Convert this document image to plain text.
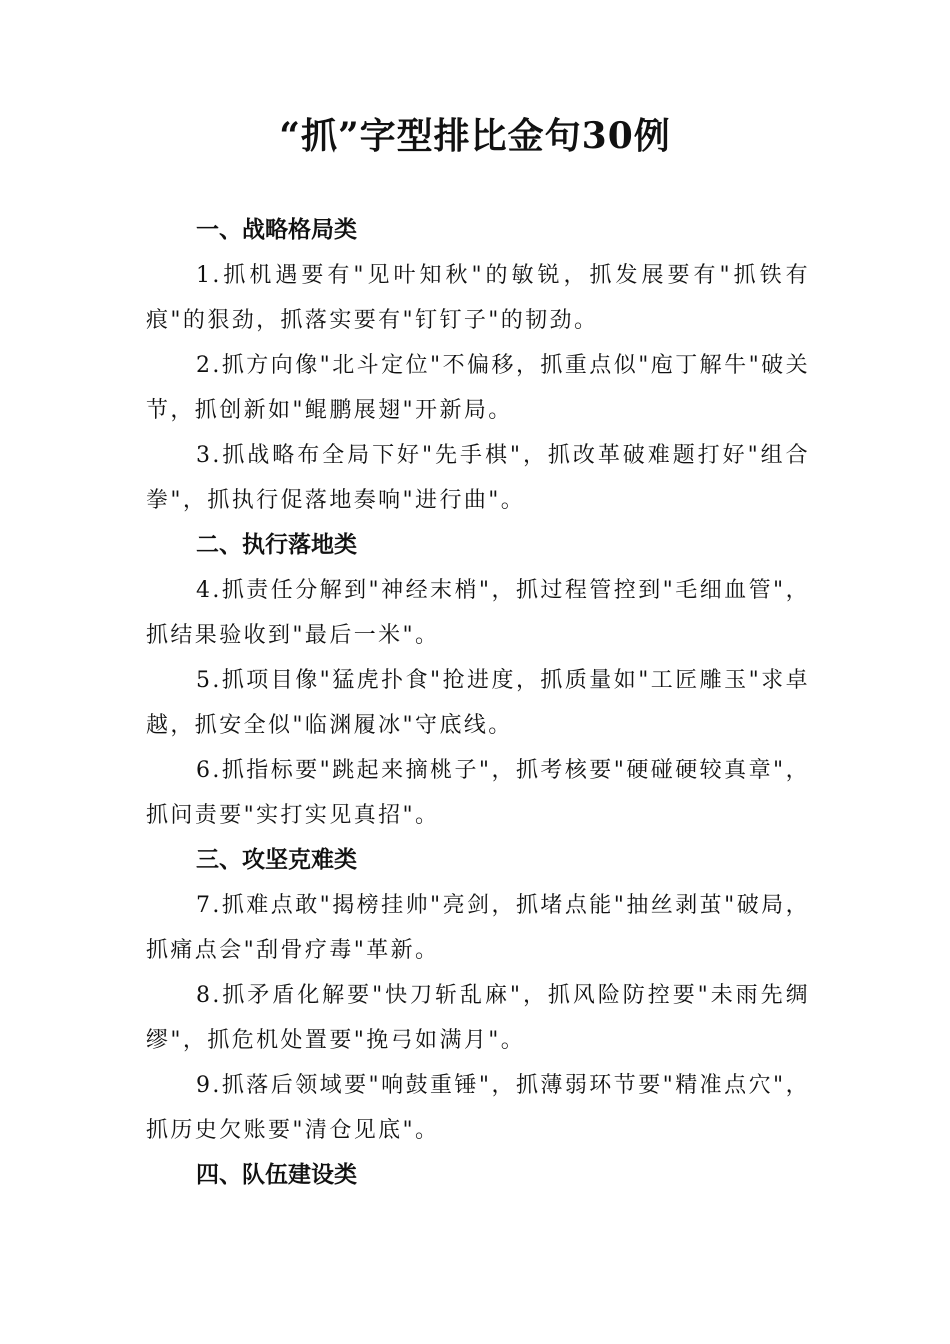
“抓”字型排比金句30例
一、战略格局类

1.抓机遇要有"见叶知秋"的敏锐，抓发展要有"抓铁有痕"的狠劲，抓落实要有"钉钉子"的韧劲。

2.抓方向像"北斗定位"不偏移，抓重点似"庖丁解牛"破关节，抓创新如"鲲鹏展翅"开新局。

3.抓战略布全局下好"先手棋"，抓改革破难题打好"组合拳"，抓执行促落地奏响"进行曲"。

二、执行落地类

4.抓责任分解到"神经末梢"，抓过程管控到"毛细血管"，抓结果验收到"最后一米"。

5.抓项目像"猛虎扑食"抢进度，抓质量如"工匠雕玉"求卓越，抓安全似"临渊履冰"守底线。

6.抓指标要"跳起来摘桃子"，抓考核要"硬碰硬较真章"，抓问责要"实打实见真招"。

三、攻坚克难类

7.抓难点敢"揭榜挂帅"亮剑，抓堵点能"抽丝剥茧"破局，抓痛点会"刮骨疗毒"革新。

8.抓矛盾化解要"快刀斩乱麻"，抓风险防控要"未雨先绸缪"，抓危机处置要"挽弓如满月"。

9.抓落后领域要"响鼓重锤"，抓薄弱环节要"精准点穴"，抓历史欠账要"清仓见底"。

四、队伍建设类
